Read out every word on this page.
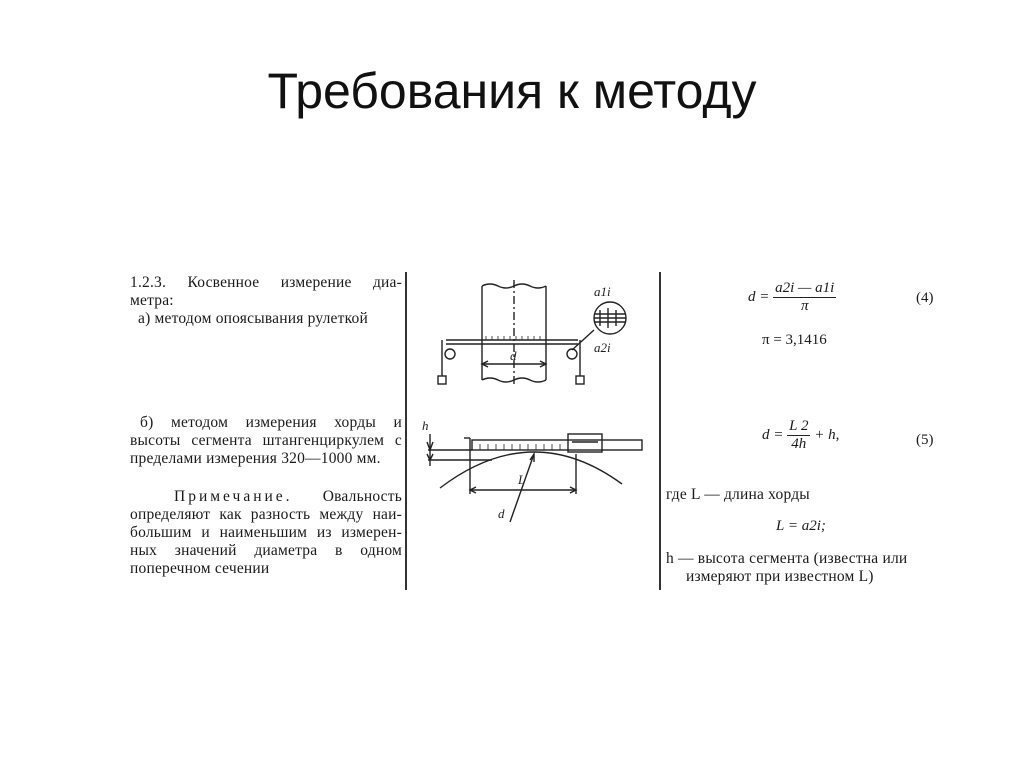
Требования к методу
1.2.3. Косвенное измерение диа-
метра:
а) методом опоясывания рулеткой
б) методом измерения хорды и
высоты сегмента штангенциркулем с
пределами измерения 320—1000 мм.
Примечание. Овальность
определяют как разность между наи-
большим и наименьшим из измерен-
ных значений диаметра в одном
поперечном сечении
a1i
a2i
d
h
L
d
$d = \frac{a2i — a1i}{\pi}$	(4)
π = 3,1416
$d = \frac{L 2}{4h} + h$,	(5)
где L — длина хорды
L = a2i;
h — высота сегмента (известна или
измеряют при известном L)
